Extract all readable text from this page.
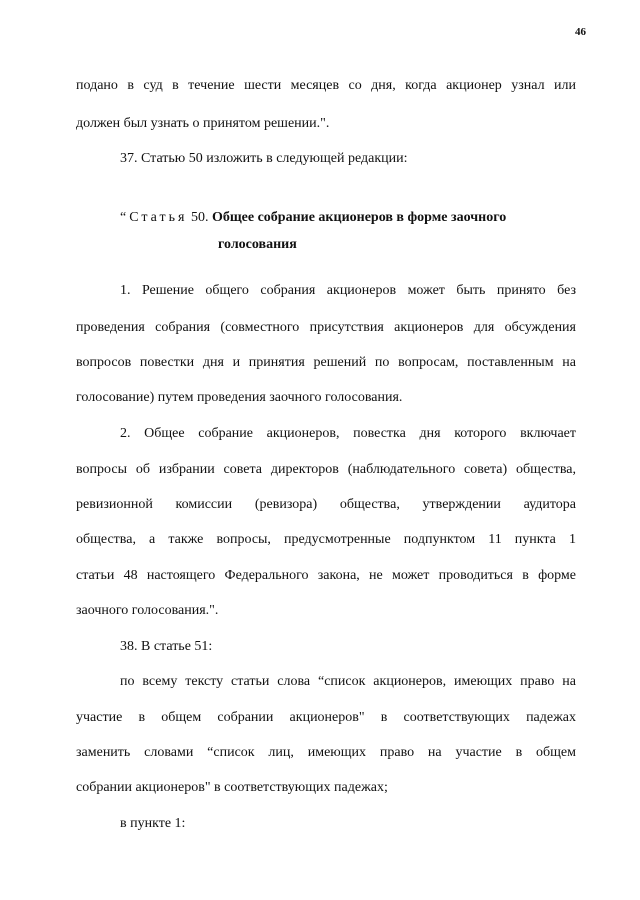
46
подано в суд в течение шести месяцев со дня, когда акционер узнал или
должен был узнать о принятом решении.".
37. Статью 50 изложить в следующей редакции:
“Статья 50. Общее собрание акционеров в форме заочного
голосования
1. Решение общего собрания акционеров может быть принято без
проведения собрания (совместного присутствия акционеров для обсуждения
вопросов повестки дня и принятия решений по вопросам, поставленным на
голосование) путем проведения заочного голосования.
2. Общее собрание акционеров, повестка дня которого включает
вопросы об избрании совета директоров (наблюдательного совета) общества,
ревизионной комиссии (ревизора) общества, утверждении аудитора
общества, а также вопросы, предусмотренные подпунктом 11 пункта 1
статьи 48 настоящего Федерального закона, не может проводиться в форме
заочного голосования.".
38. В статье 51:
по всему тексту статьи слова “список акционеров, имеющих право на
участие в общем собрании акционеров" в соответствующих падежах
заменить словами “список лиц, имеющих право на участие в общем
собрании акционеров" в соответствующих падежах;
в пункте 1:
